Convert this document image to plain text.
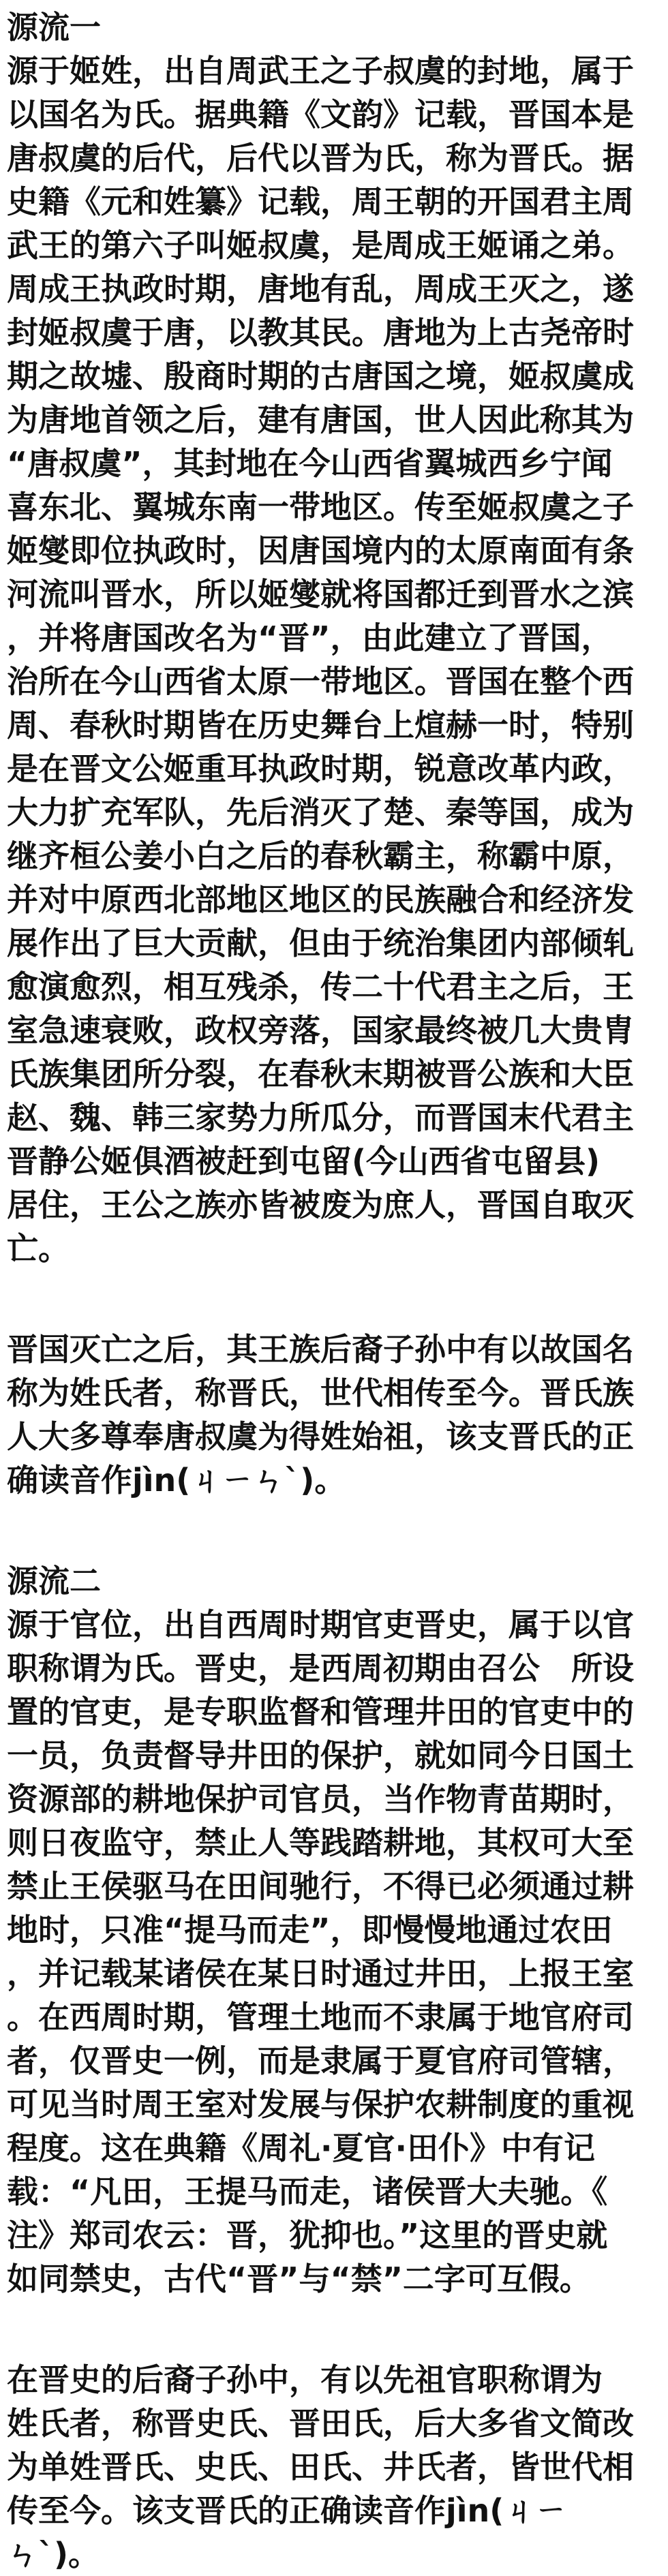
源流一
源于姬姓，出自周武王之子叔虞的封地，属于
以国名为氏。据典籍《文韵》记载，晋国本是
唐叔虞的后代，后代以晋为氏，称为晋氏。据
史籍《元和姓纂》记载，周王朝的开国君主周
武王的第六子叫姬叔虞，是周成王姬诵之弟。
周成王执政时期，唐地有乱，周成王灭之，遂
封姬叔虞于唐，以教其民。唐地为上古尧帝时
期之故墟、殷商时期的古唐国之境，姬叔虞成
为唐地首领之后，建有唐国，世人因此称其为
“唐叔虞”，其封地在今山西省翼城西乡宁闻
喜东北、翼城东南一带地区。传至姬叔虞之子
姬燮即位执政时，因唐国境内的太原南面有条
河流叫晋水，所以姬燮就将国都迁到晋水之滨
，并将唐国改名为“晋”，由此建立了晋国，
治所在今山西省太原一带地区。晋国在整个西
周、春秋时期皆在历史舞台上煊赫一时，特别
是在晋文公姬重耳执政时期，锐意改革内政，
大力扩充军队，先后消灭了楚、秦等国，成为
继齐桓公姜小白之后的春秋霸主，称霸中原，
并对中原西北部地区地区的民族融合和经济发
展作出了巨大贡献，但由于统治集团内部倾轧
愈演愈烈，相互残杀，传二十代君主之后，王
室急速衰败，政权旁落，国家最终被几大贵胄
氏族集团所分裂，在春秋末期被晋公族和大臣
赵、魏、韩三家势力所瓜分，而晋国末代君主
晋静公姬俱酒被赶到屯留(今山西省屯留县)
居住，王公之族亦皆被废为庶人，晋国自取灭
亡。
晋国灭亡之后，其王族后裔子孙中有以故国名
称为姓氏者，称晋氏，世代相传至今。晋氏族
人大多尊奉唐叔虞为得姓始祖，该支晋氏的正
确读音作jìn(ㄐㄧㄣˋ)。
源流二
源于官位，出自西周时期官吏晋史，属于以官
职称谓为氏。晋史，是西周初期由召公　所设
置的官吏，是专职监督和管理井田的官吏中的
一员，负责督导井田的保护，就如同今日国土
资源部的耕地保护司官员，当作物青苗期时，
则日夜监守，禁止人等践踏耕地，其权可大至
禁止王侯驱马在田间驰行，不得已必须通过耕
地时，只准“提马而走”，即慢慢地通过农田
，并记载某诸侯在某日时通过井田，上报王室
。在西周时期，管理土地而不隶属于地官府司
者，仅晋史一例，而是隶属于夏官府司管辖，
可见当时周王室对发展与保护农耕制度的重视
程度。这在典籍《周礼·夏官·田仆》中有记
载：“凡田，王提马而走，诸侯晋大夫驰。《
注》郑司农云：晋，犹抑也。”这里的晋史就
如同禁史，古代“晋”与“禁”二字可互假。
在晋史的后裔子孙中，有以先祖官职称谓为
姓氏者，称晋史氏、晋田氏，后大多省文简改
为单姓晋氏、史氏、田氏、井氏者，皆世代相
传至今。该支晋氏的正确读音作jìn(ㄐㄧ
ㄣˋ)。
